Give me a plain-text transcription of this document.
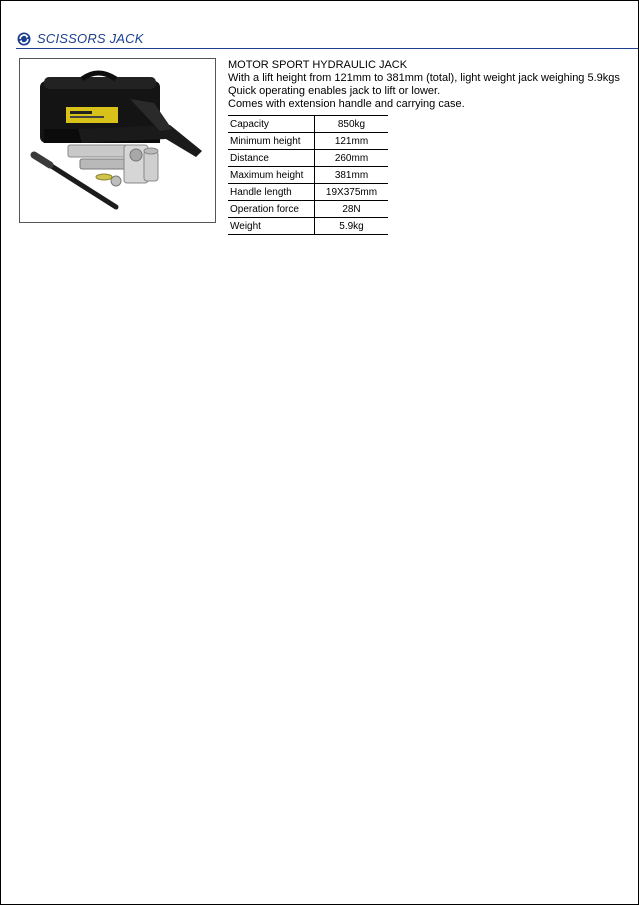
SCISSORS JACK
MOTOR SPORT HYDRAULIC JACK
With a lift height from 121mm to 381mm (total), light weight jack weighing 5.9kgs
Quick operating enables jack to lift or lower.
Comes with extension handle and carrying case.
Capacity	850kg
Minimum height	121mm
Distance	260mm
Maximum height	381mm
Handle length	19X375mm
Operation force	28N
Weight	5.9kg
